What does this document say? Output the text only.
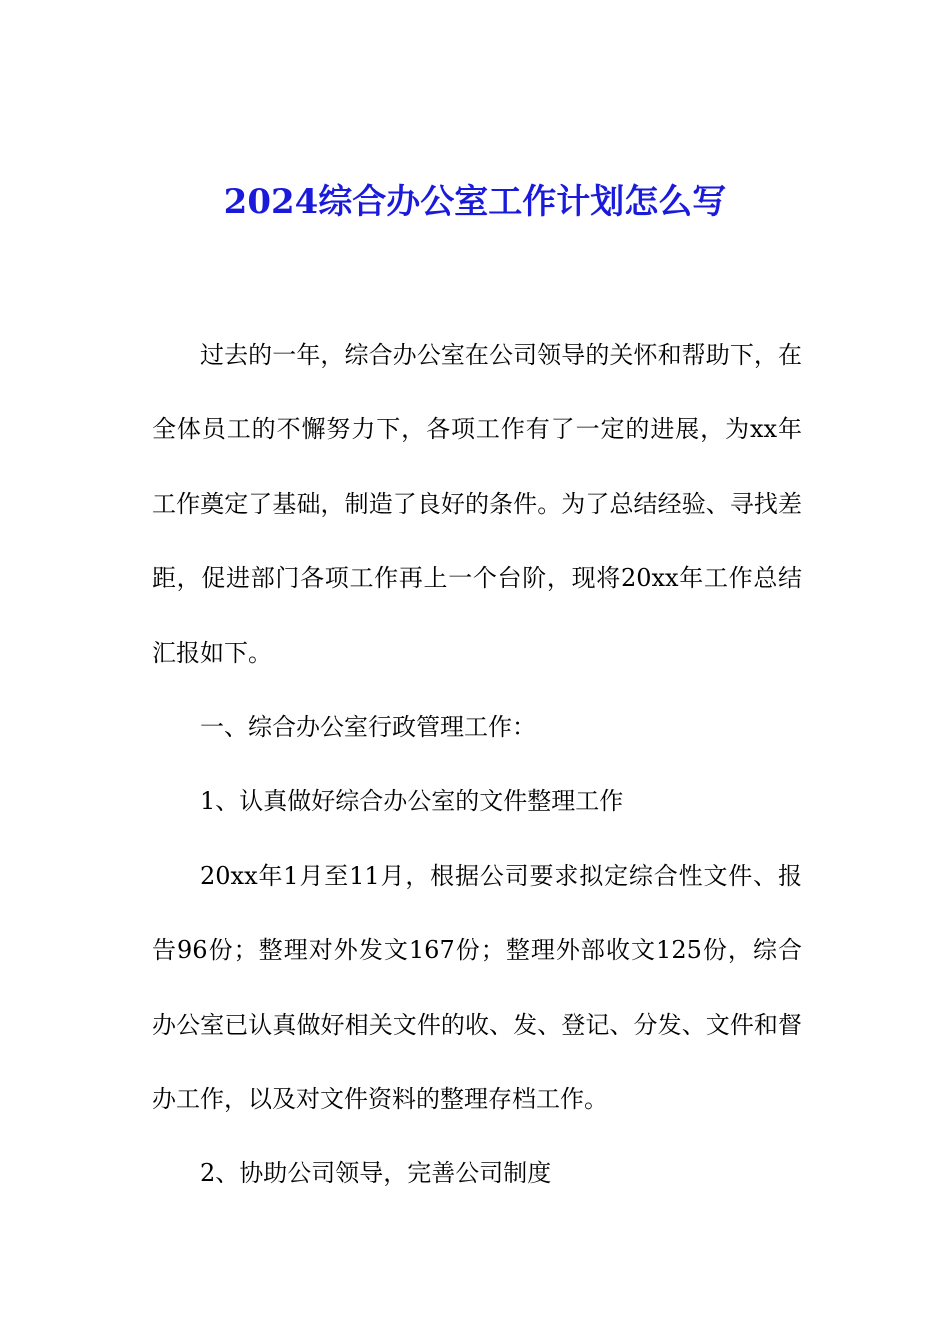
2024综合办公室工作计划怎么写

过去的一年，综合办公室在公司领导的关怀和帮助下，在全体员工的不懈努力下，各项工作有了一定的进展，为xx年工作奠定了基础，制造了良好的条件。为了总结经验、寻找差距，促进部门各项工作再上一个台阶，现将20xx年工作总结汇报如下。

一、综合办公室行政管理工作：

1、认真做好综合办公室的文件整理工作

20xx年1月至11月，根据公司要求拟定综合性文件、报告96份；整理对外发文167份；整理外部收文125份，综合办公室已认真做好相关文件的收、发、登记、分发、文件和督办工作，以及对文件资料的整理存档工作。

2、协助公司领导，完善公司制度
